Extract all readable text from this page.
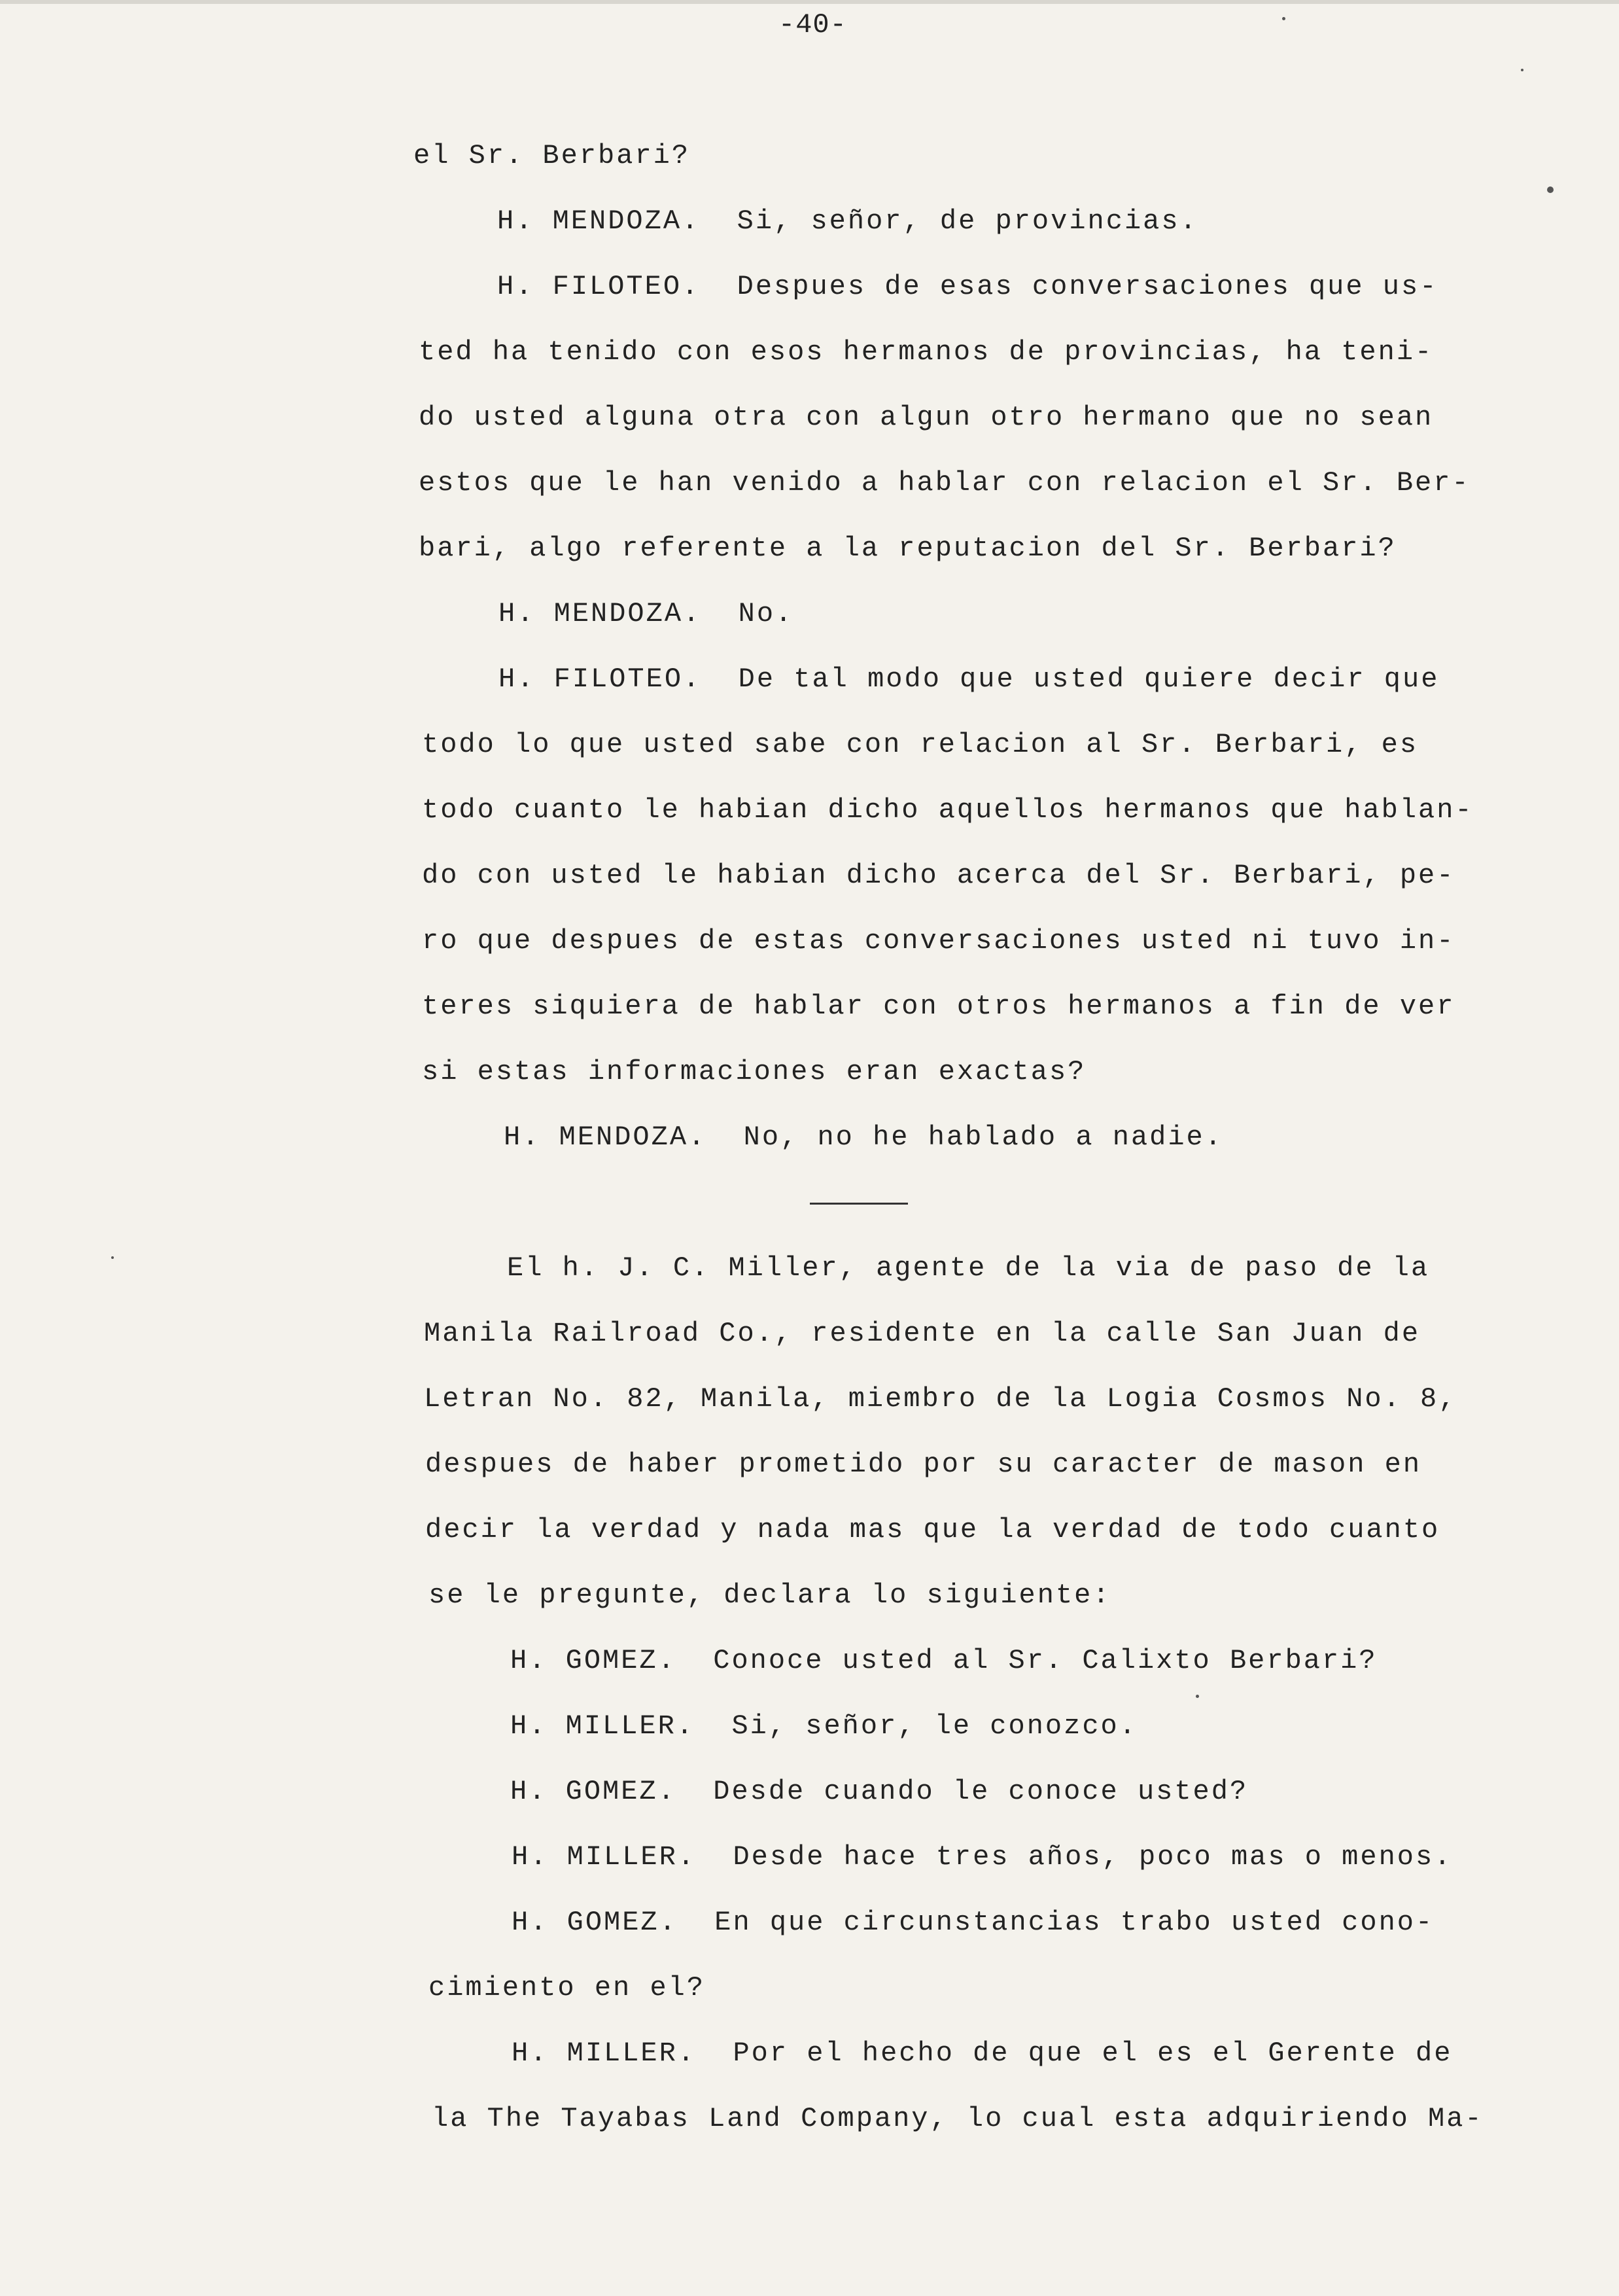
-40-
el Sr. Berbari?
H. MENDOZA.  Si, señor, de provincias.
H. FILOTEO.  Despues de esas conversaciones que us-
ted ha tenido con esos hermanos de provincias, ha teni-
do usted alguna otra con algun otro hermano que no sean
estos que le han venido a hablar con relacion el Sr. Ber-
bari, algo referente a la reputacion del Sr. Berbari?
H. MENDOZA.  No.
H. FILOTEO.  De tal modo que usted quiere decir que
todo lo que usted sabe con relacion al Sr. Berbari, es
todo cuanto le habian dicho aquellos hermanos que hablan-
do con usted le habian dicho acerca del Sr. Berbari, pe-
ro que despues de estas conversaciones usted ni tuvo in-
teres siquiera de hablar con otros hermanos a fin de ver
si estas informaciones eran exactas?
H. MENDOZA.  No, no he hablado a nadie.
El h. J. C. Miller, agente de la via de paso de la
Manila Railroad Co., residente en la calle San Juan de
Letran No. 82, Manila, miembro de la Logia Cosmos No. 8,
despues de haber prometido por su caracter de mason en
decir la verdad y nada mas que la verdad de todo cuanto
se le pregunte, declara lo siguiente:
H. GOMEZ.  Conoce usted al Sr. Calixto Berbari?
H. MILLER.  Si, señor, le conozco.
H. GOMEZ.  Desde cuando le conoce usted?
H. MILLER.  Desde hace tres años, poco mas o menos.
H. GOMEZ.  En que circunstancias trabo usted cono-
cimiento en el?
H. MILLER.  Por el hecho de que el es el Gerente de
la The Tayabas Land Company, lo cual esta adquiriendo Ma-
